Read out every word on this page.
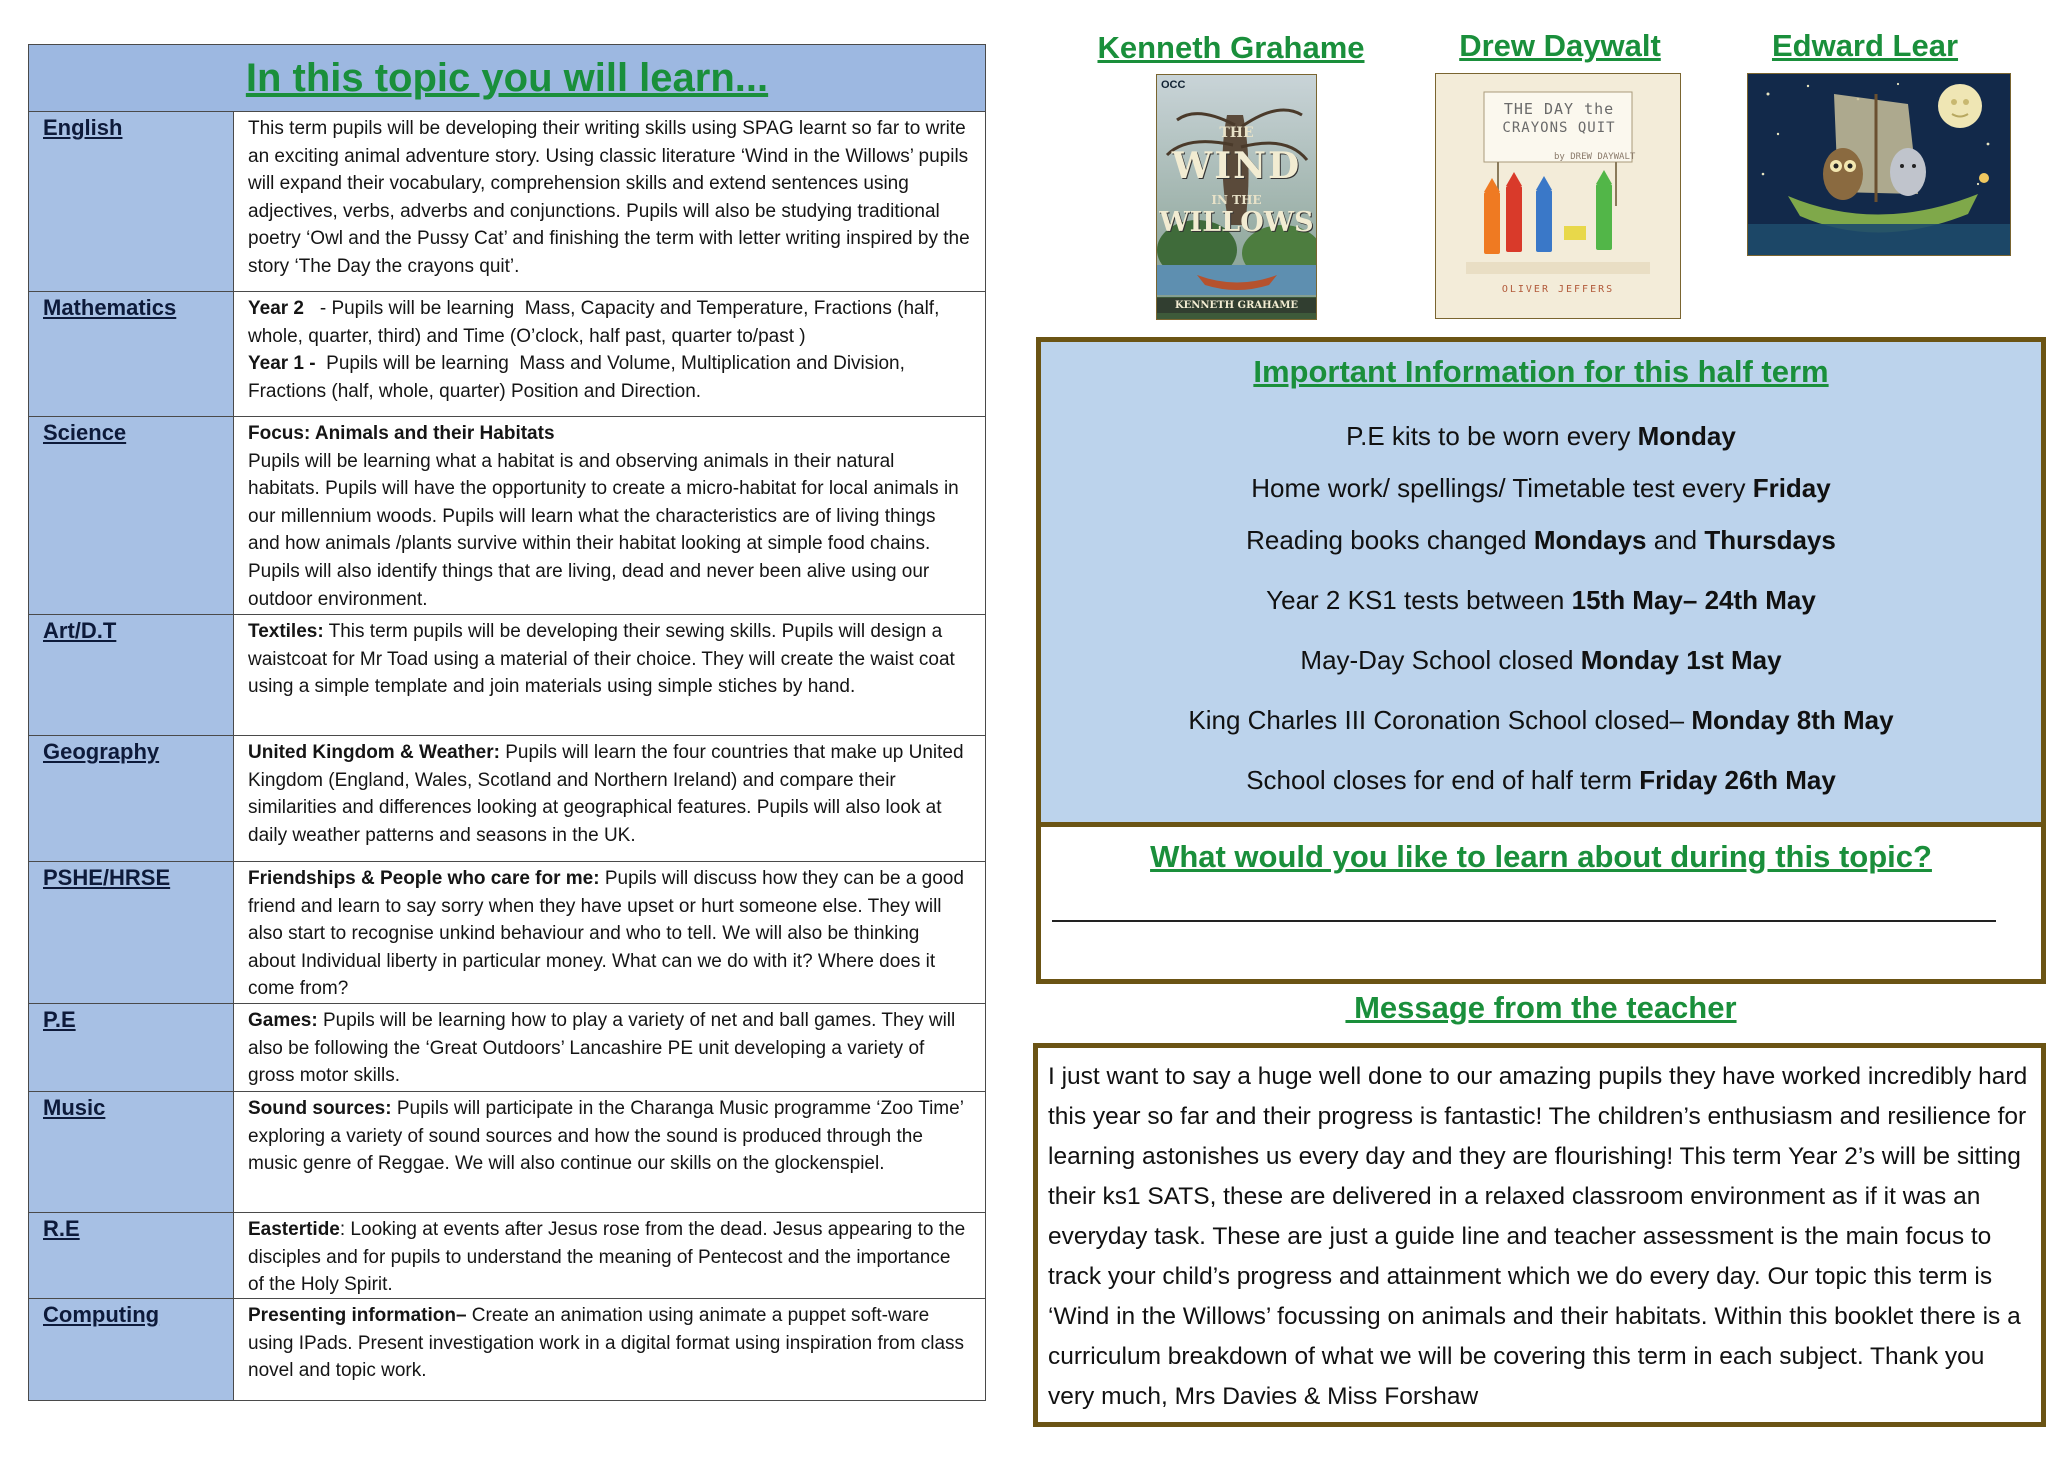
In this topic you will learn...
English	This term pupils will be developing their writing skills using SPAG learnt so far to write an exciting animal adventure story. Using classic literature ‘Wind in the Willows’ pupils will expand their vocabulary, comprehension skills and extend sentences using adjectives, verbs, adverbs and conjunctions. Pupils will also be studying traditional poetry ‘Owl and the Pussy Cat’ and finishing the term with letter writing inspired by the story ‘The Day the crayons quit’.
Mathematics	Year 2   - Pupils will be learning  Mass, Capacity and Temperature, Fractions (half, whole, quarter, third) and Time (O’clock, half past, quarter to/past )
Year 1 -  Pupils will be learning  Mass and Volume, Multiplication and Division,  Fractions (half, whole, quarter) Position and Direction.
Science	Focus: Animals and their Habitats
Pupils will be learning what a habitat is and observing animals in their natural habitats. Pupils will have the opportunity to create a micro-habitat for local animals in our millennium woods. Pupils will learn what the characteristics are of living things and how animals /plants survive within their habitat looking at simple food chains. Pupils will also identify things that are living, dead and never been alive using our outdoor environment.
Art/D.T	Textiles: This term pupils will be developing their sewing skills. Pupils will design a waistcoat for Mr Toad using a material of their choice. They will create the waist coat using a simple template and join materials using simple stiches by hand.
Geography	United Kingdom & Weather: Pupils will learn the four countries that make up United Kingdom (England, Wales, Scotland and Northern Ireland) and compare their similarities and differences looking at geographical features. Pupils will also look at daily weather patterns and seasons in the UK.
PSHE/HRSE	Friendships & People who care for me: Pupils will discuss how they can be a good friend and learn to say sorry when they have upset or hurt someone else. They will also start to recognise unkind behaviour and who to tell. We will also be thinking about Individual liberty in particular money. What can we do with it? Where does it come from?
P.E	Games: Pupils will be learning how to play a variety of net and ball games. They will also be following the ‘Great Outdoors’ Lancashire PE unit developing a variety of gross motor skills.
Music	Sound sources: Pupils will participate in the Charanga Music programme ‘Zoo Time’ exploring a variety of sound sources and how the sound is produced through the music genre of Reggae. We will also continue our skills on the glockenspiel.
R.E	Eastertide: Looking at events after Jesus rose from the dead. Jesus appearing to the disciples and for pupils to understand the meaning of Pentecost and the importance of the Holy Spirit.
Computing	Presenting information– Create an animation using animate a puppet soft-ware using IPads. Present investigation work in a digital format using inspiration from class novel and topic work.
Kenneth Grahame	Drew Daywalt	Edward Lear
OCC
THE
WIND
IN THE
WILLOWS
KENNETH GRAHAME
THE DAY the
CRAYONS QUIT
by DREW DAYWALT
OLIVER JEFFERS
Important Information for this half term
P.E kits to be worn every Monday
Home work/ spellings/ Timetable test every Friday
Reading books changed Mondays and Thursdays
Year 2 KS1 tests between 15th May– 24th May
May-Day School closed Monday 1st May
King Charles III Coronation School closed– Monday 8th May
School closes for end of half term Friday 26th May
What would you like to learn about during this topic?
Message from the teacher
I just want to say a huge well done to our amazing pupils they have worked incredibly hard this year so far and their progress is fantastic! The children’s enthusiasm and resilience for learning astonishes us every day and they are flourishing! This term Year 2’s will be sitting their ks1 SATS, these are delivered in a relaxed classroom environment as if it was an everyday task. These are just a guide line and teacher assessment is the main focus to track your child’s progress and attainment which we do every day. Our topic this term is ‘Wind in the Willows’ focussing on animals and their habitats. Within this booklet there is a curriculum breakdown of what we will be covering this term in each subject. Thank you very much, Mrs Davies & Miss Forshaw
